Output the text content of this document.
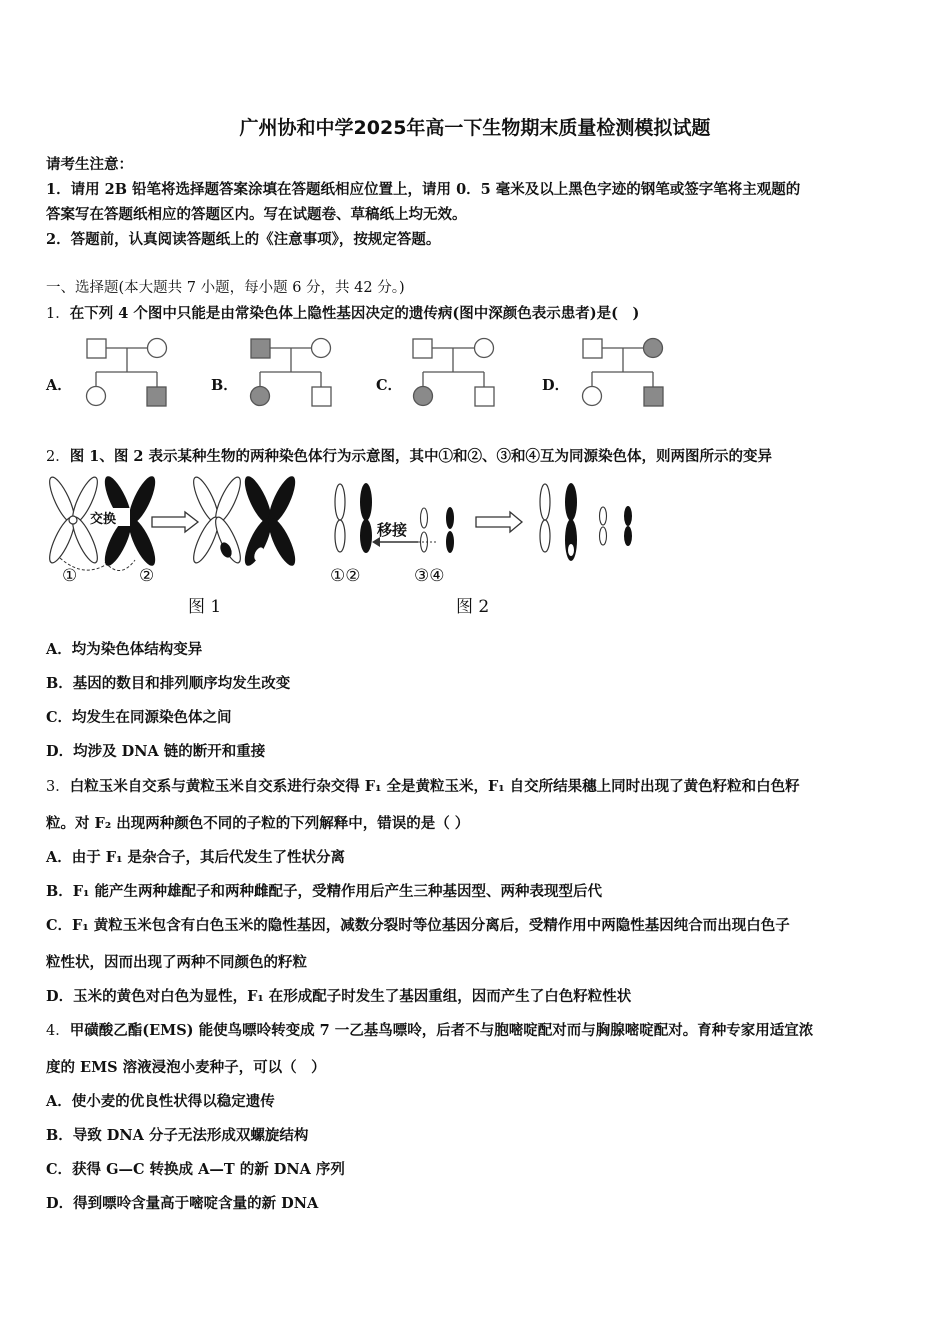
广州协和中学2025年高一下生物期末质量检测模拟试题
请考生注意：
1．请用 2B 铅笔将选择题答案涂填在答题纸相应位置上，请用 0．5 毫米及以上黑色字迹的钢笔或签字笔将主观题的
答案写在答题纸相应的答题区内。写在试题卷、草稿纸上均无效。
2．答题前，认真阅读答题纸上的《注意事项》，按规定答题。
一、选择题(本大题共 7 小题，每小题 6 分，共 42 分。)
1．在下列 4 个图中只能是由常染色体上隐性基因决定的遗传病(图中深颜色表示患者)是(　)
A．	B．	C．	D．
2．图 1、图 2 表示某种生物的两种染色体行为示意图，其中①和②、③和④互为同源染色体，则两图所示的变异
交换
①	②
图 1
移接
①②	③④
图 2
A．均为染色体结构变异
B．基因的数目和排列顺序均发生改变
C．均发生在同源染色体之间
D．均涉及 DNA 链的断开和重接
3．白粒玉米自交系与黄粒玉米自交系进行杂交得 F₁ 全是黄粒玉米，F₁ 自交所结果穗上同时出现了黄色籽粒和白色籽
粒。对 F₂ 出现两种颜色不同的子粒的下列解释中，错误的是（ ）
A．由于 F₁ 是杂合子，其后代发生了性状分离
B．F₁ 能产生两种雄配子和两种雌配子，受精作用后产生三种基因型、两种表现型后代
C．F₁ 黄粒玉米包含有白色玉米的隐性基因，减数分裂时等位基因分离后，受精作用中两隐性基因纯合而出现白色子
粒性状，因而出现了两种不同颜色的籽粒
D．玉米的黄色对白色为显性，F₁ 在形成配子时发生了基因重组，因而产生了白色籽粒性状
4．甲磺酸乙酯(EMS) 能使鸟嘌呤转变成 7 一乙基鸟嘌呤，后者不与胞嘧啶配对而与胸腺嘧啶配对。育种专家用适宜浓
度的 EMS 溶液浸泡小麦种子，可以（　）
A．使小麦的优良性状得以稳定遗传
B．导致 DNA 分子无法形成双螺旋结构
C．获得 G—C 转换成 A—T 的新 DNA 序列
D．得到嘌呤含量高于嘧啶含量的新 DNA
